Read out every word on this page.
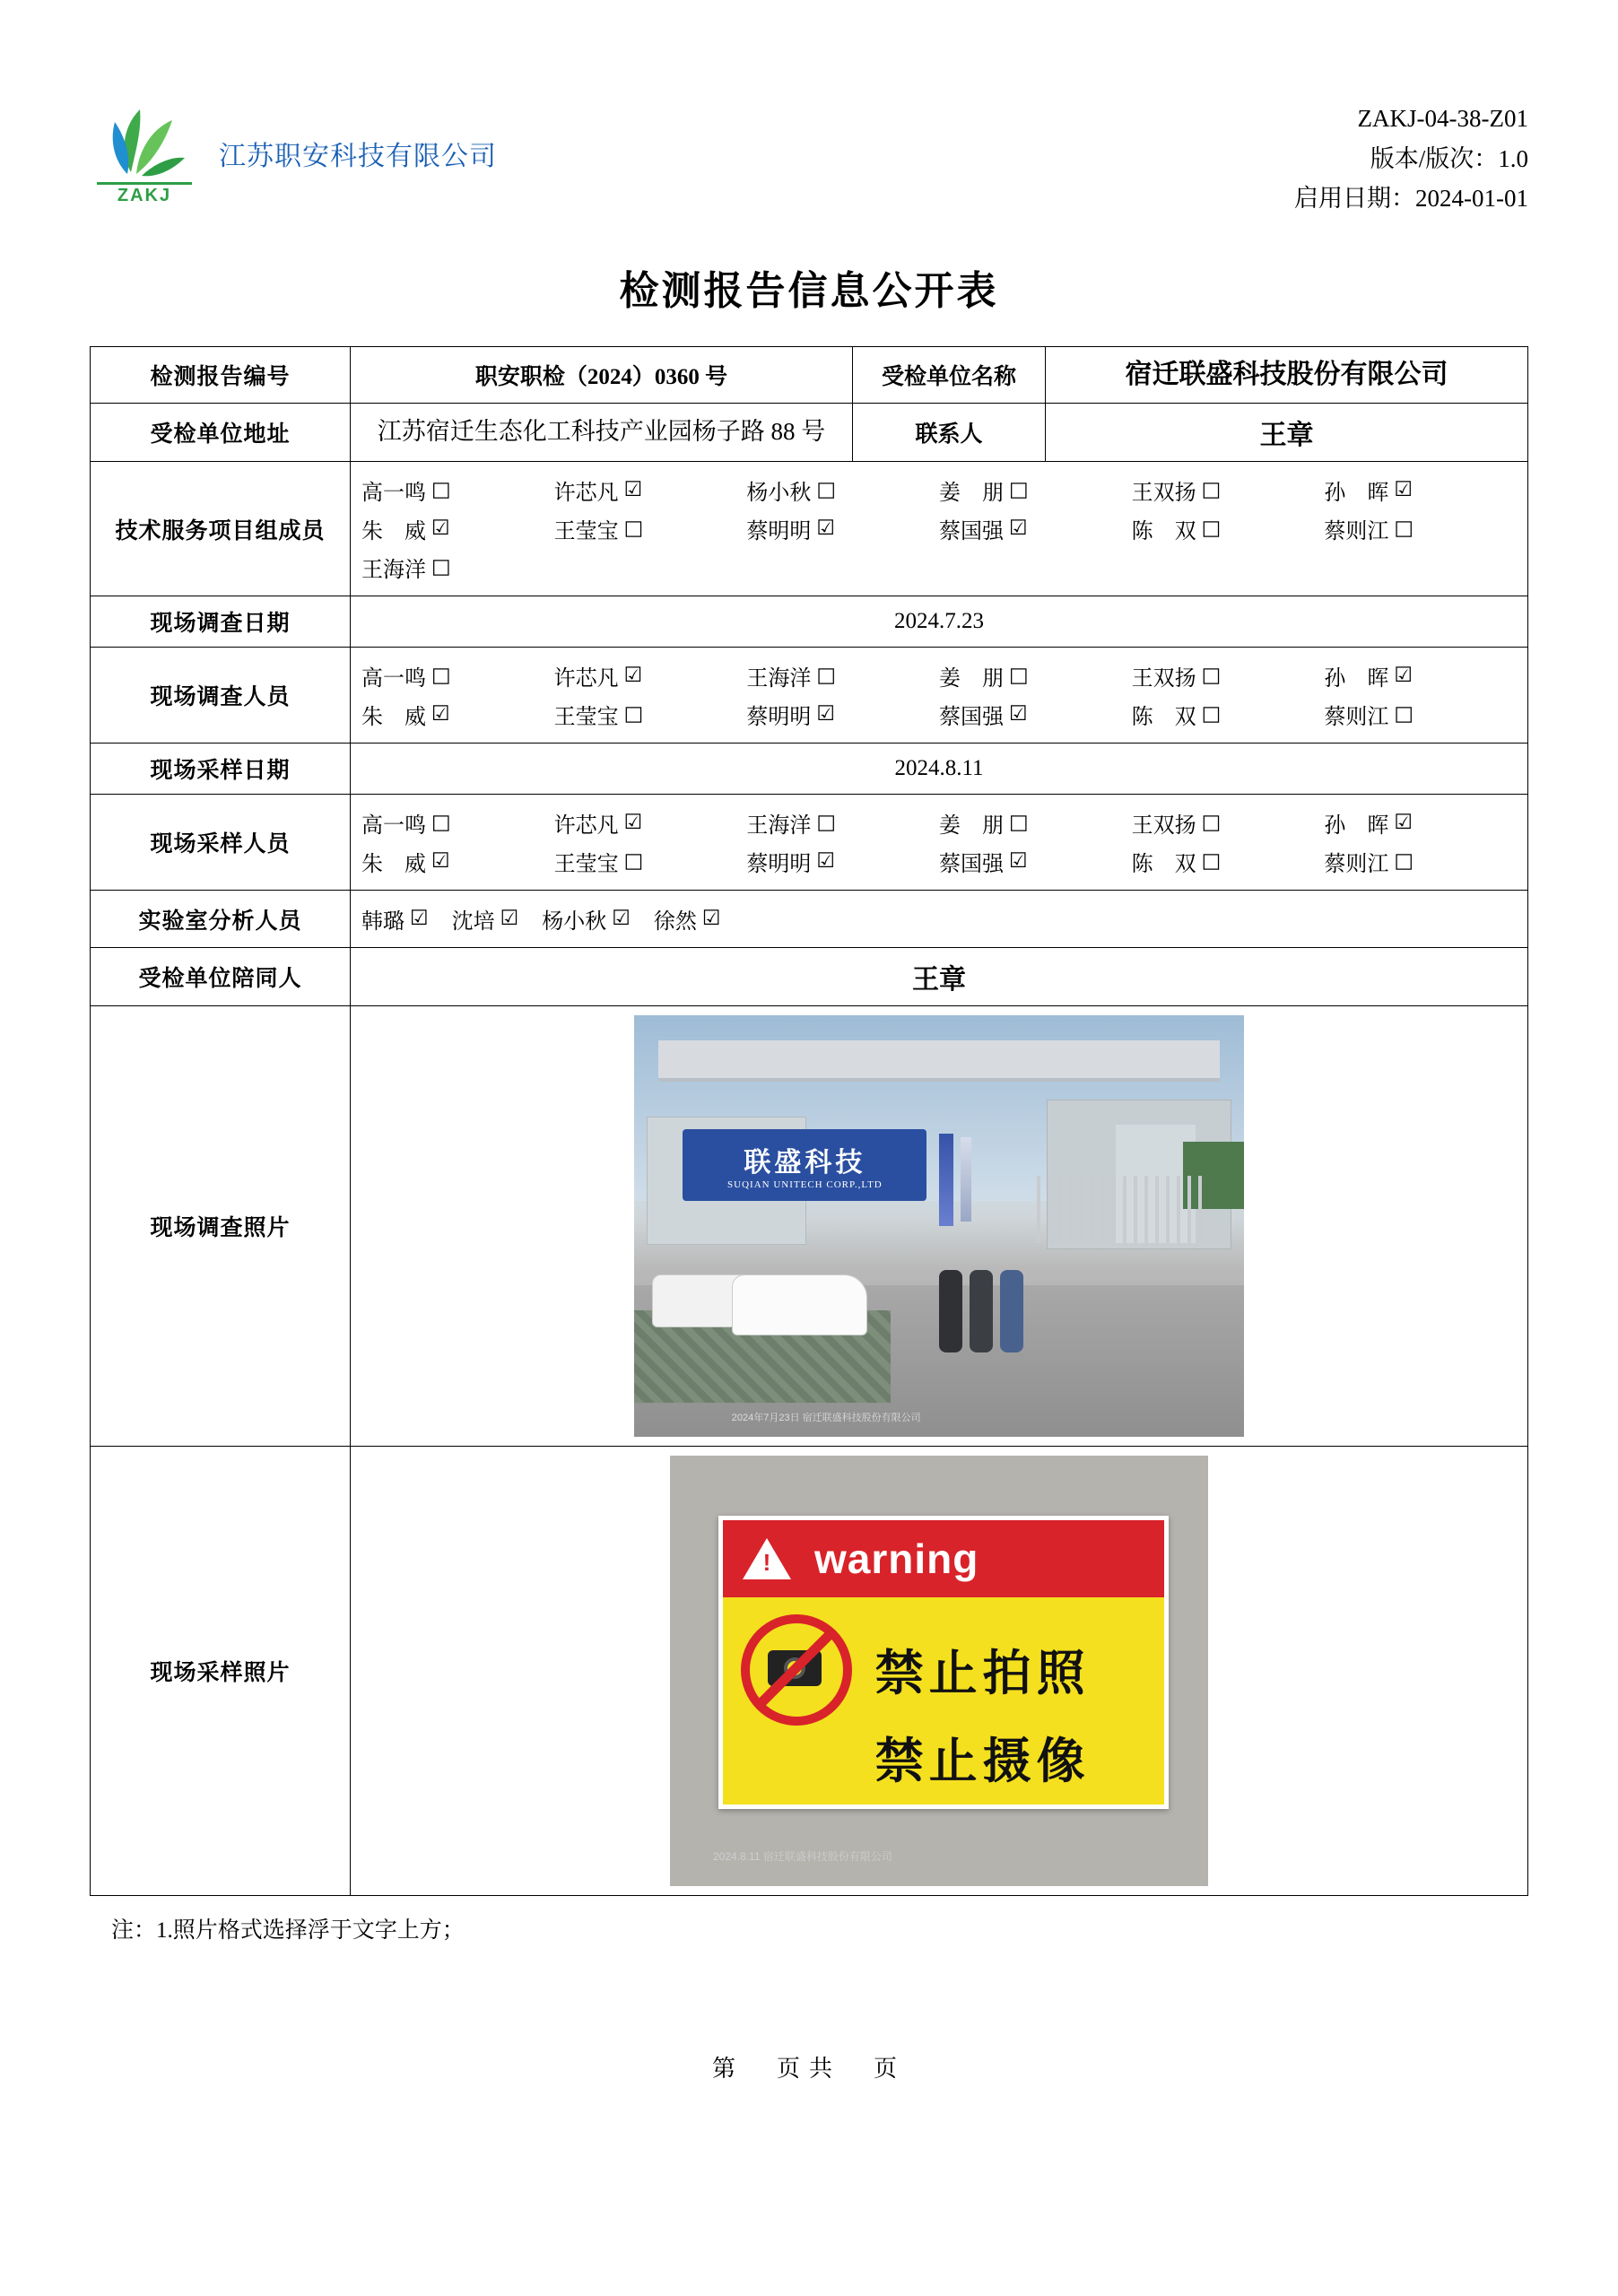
ZAKJ
江苏职安科技有限公司
ZAKJ-04-38-Z01
版本/版次：1.0
启用日期：2024-01-01
检测报告信息公开表
检测报告编号	职安职检（2024）0360 号	受检单位名称	宿迁联盛科技股份有限公司

受检单位地址	江苏宿迁生态化工科技产业园杨子路 88 号	联系人	王章
技术服务项目组成员	
高一鸣 □	许芯凡 ☑	杨小秋 □	姜　朋 □	王双扬 □	孙　晖 ☑
朱　威 ☑	王莹宝 □	蔡明明 ☑	蔡国强 ☑	陈　双 □	蔡则江 □
王海洋 □

现场调查日期	2024.7.23		
现场调查人员	
高一鸣 □	许芯凡 ☑	王海洋 □	姜　朋 □	王双扬 □	孙　晖 ☑
朱　威 ☑	王莹宝 □	蔡明明 ☑	蔡国强 ☑	陈　双 □	蔡则江 □

现场采样日期	2024.8.11		
现场采样人员	
高一鸣 □	许芯凡 ☑	王海洋 □	姜　朋 □	王双扬 □	孙　晖 ☑
朱　威 ☑	王莹宝 □	蔡明明 ☑	蔡国强 ☑	陈　双 □	蔡则江 □

实验室分析人员	韩璐 ☑ 沈培 ☑ 杨小秋 ☑ 徐然 ☑

受检单位陪同人	王章		
现场调查照片	联盛科技
SUQIAN UNITECH CORP.,LTD
2024年7月23日 宿迁联盛科技股份有限公司		

现场采样照片	
!
warning
禁止拍照
禁止摄像
2024.8.11 宿迁联盛科技股份有限公司
注：1.照片格式选择浮于文字上方；
第　页共　页
